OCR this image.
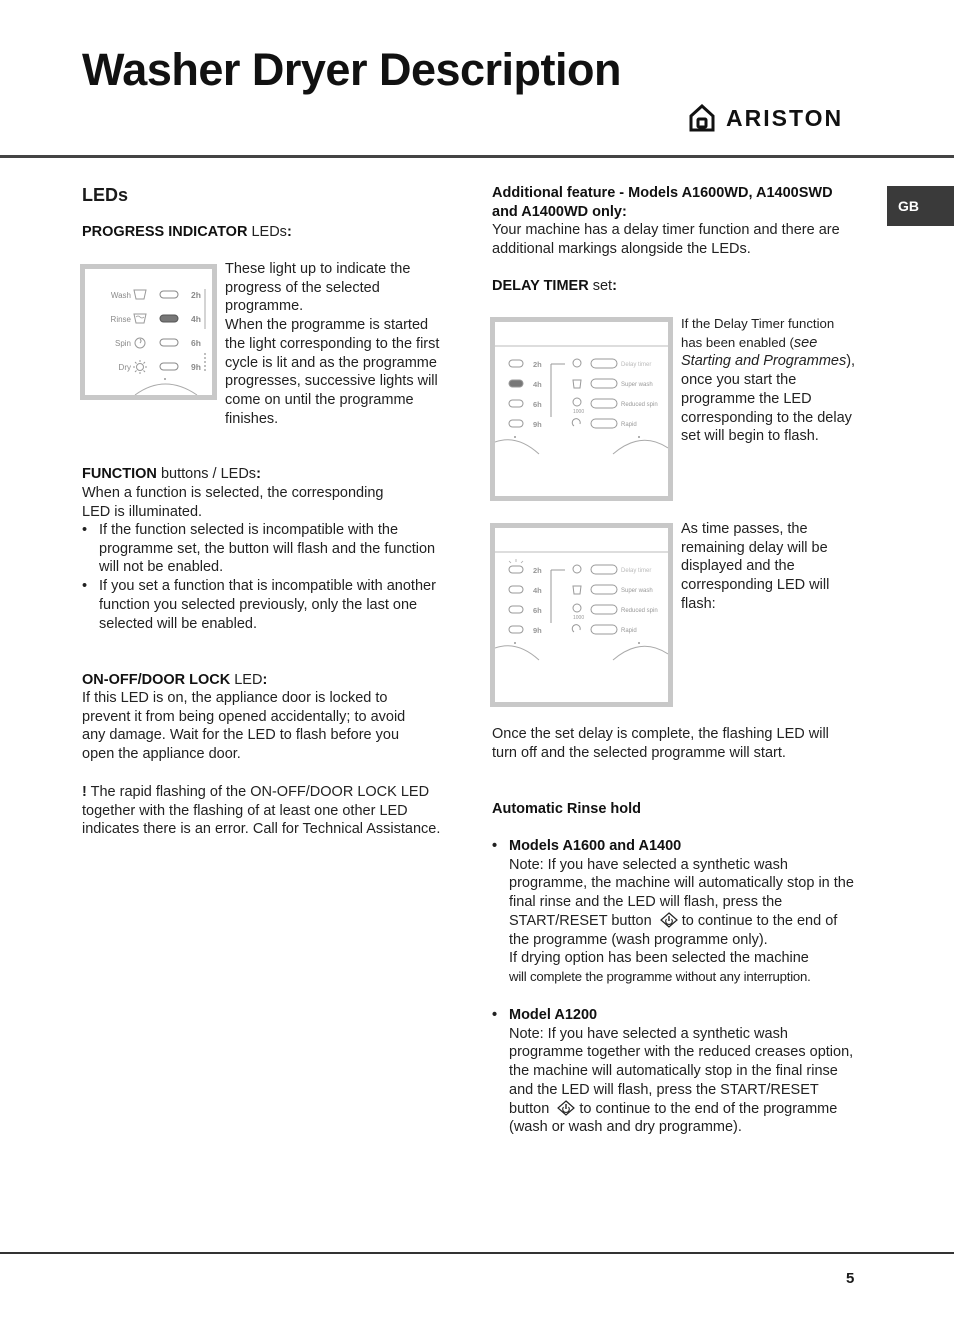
Washer Dryer Description
ARISTON
GB
LEDs
PROGRESS INDICATOR LEDs:
Wash
Rinse
Spin
Dry
2h
4h
6h
9h
These light up to indicate the progress of the selected programme.
When the programme is started the light corresponding to the first cycle is lit and as the programme progresses, successive lights will come on until the programme finishes.
FUNCTION buttons / LEDs:
When a function is selected, the corresponding LED is illuminated.
• If the function selected is incompatible with the programme set, the button will flash and the function will not be enabled.
• If you set a function that is incompatible with another function you selected previously, only the last one selected will be enabled.
ON-OFF/DOOR LOCK LED:
If this LED is on, the appliance door is locked to prevent it from being opened accidentally; to avoid any damage. Wait for the LED to flash before you open the appliance door.
! The rapid flashing of the ON-OFF/DOOR LOCK LED together with the flashing of at least one other LED indicates there is an error. Call for Technical Assistance.
Additional feature - Models A1600WD, A1400SWD and A1400WD only:
Your machine has a delay timer function and there are additional markings alongside the LEDs.
DELAY TIMER set:
2h
4h
6h
9h
1000
Delay timer
Super wash
Reduced spin
Rapid
If the Delay Timer function has been enabled (see Starting and Programmes), once you start the programme the LED corresponding to the delay set will begin to flash.
2h
4h
6h
9h
1000
Delay timer
Super wash
Reduced spin
Rapid
As time passes, the remaining delay will be displayed and the corresponding LED will flash:
Once the set delay is complete, the flashing LED will turn off and the selected programme will start.
Automatic Rinse hold
• Models A1600 and A1400
Note: If you have selected a synthetic wash programme, the machine will automatically stop in the final rinse and the LED will flash, press the START/RESET button  to continue to the end of the programme (wash programme only).
If drying option has been selected the machine
will complete the programme without any interruption.
• Model A1200
Note: If you have selected a synthetic wash programme together with the reduced creases option, the machine will automatically stop in the final rinse and the LED will flash, press the START/RESET button  to continue to the end of the programme (wash or wash and dry programme).
5
